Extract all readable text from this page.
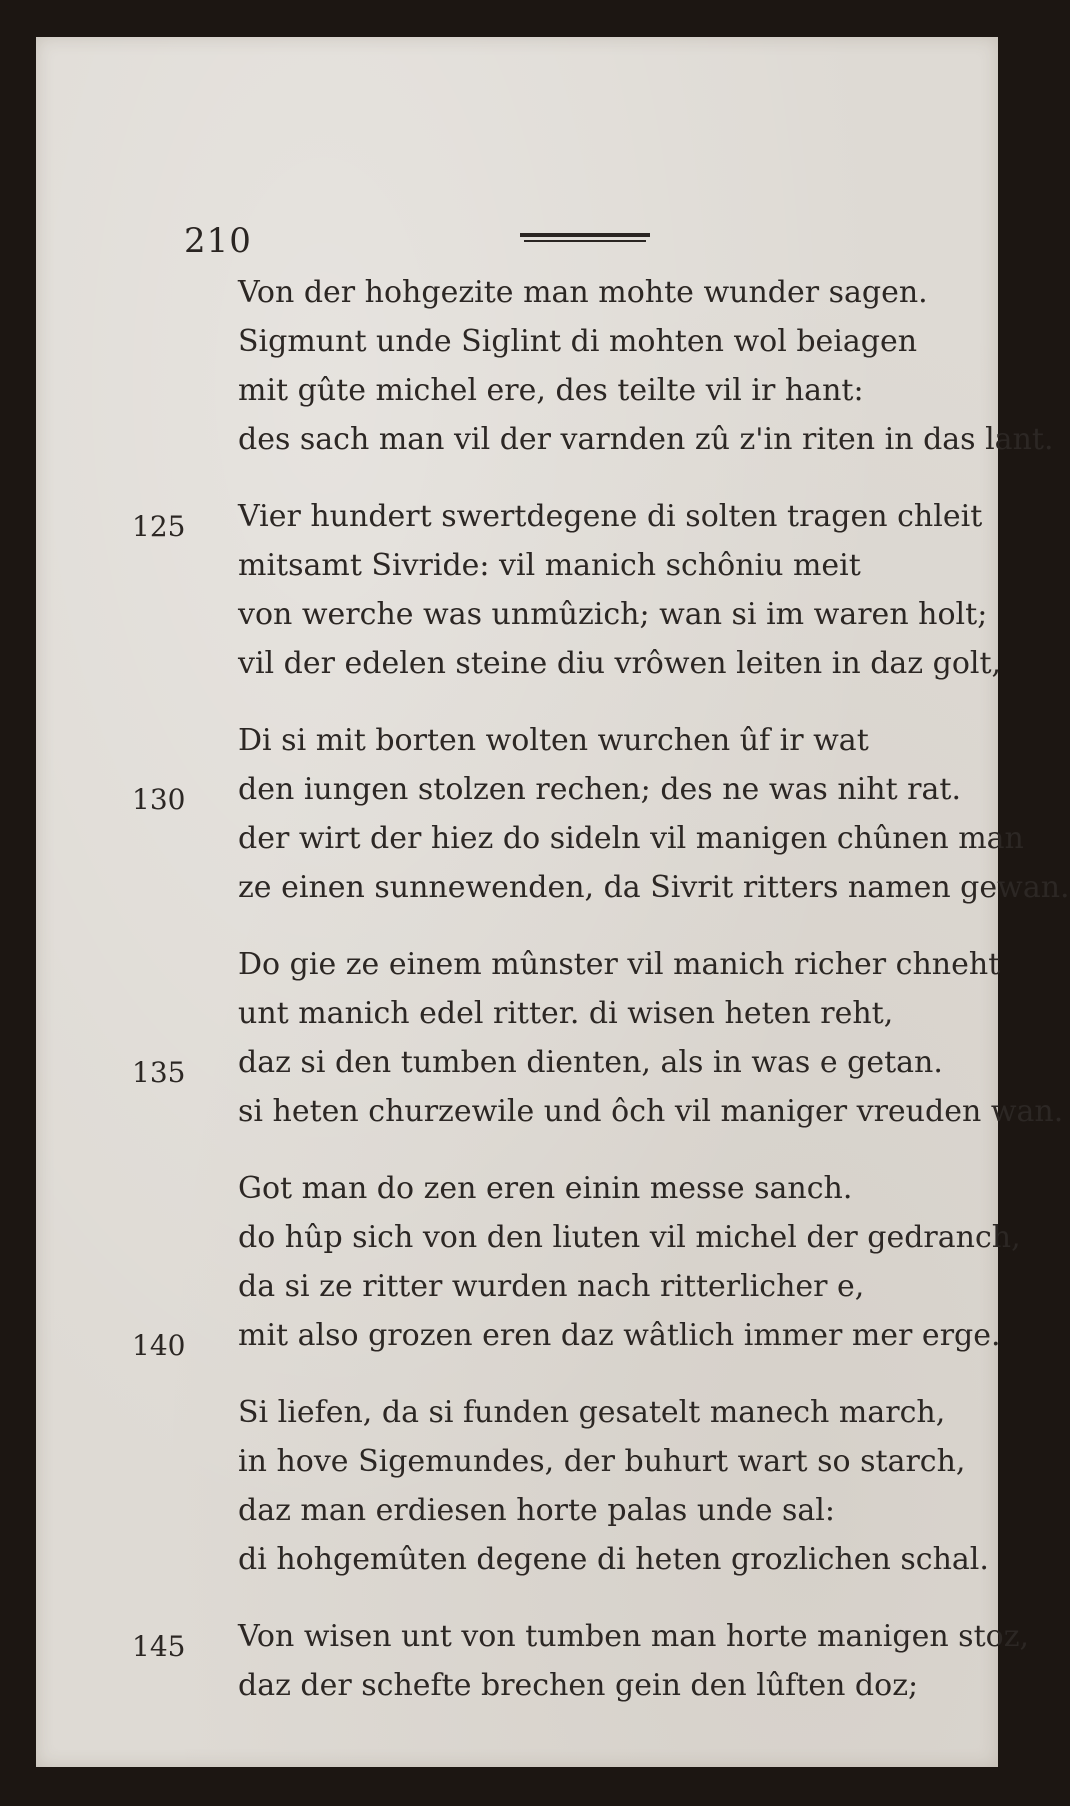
210
Von der hohgezite man mohte wunder sagen.
Sigmunt unde Siglint di mohten wol beiagen
mit gûte michel ere, des teilte vil ir hant:
des sach man vil der varnden zû z'in riten in das lant.
Vier hundert swertdegene di solten tragen chleit
mitsamt Sivride: vil manich schôniu meit
von werche was unmûzich; wan si im waren holt;
vil der edelen steine diu vrôwen leiten in daz golt,
Di si mit borten wolten wurchen ûf ir wat
den iungen stolzen rechen; des ne was niht rat.
der wirt der hiez do sideln vil manigen chûnen man
ze einen sunnewenden, da Sivrit ritters namen gewan.
Do gie ze einem mûnster vil manich richer chneht
unt manich edel ritter. di wisen heten reht,
daz si den tumben dienten, als in was e getan.
si heten churzewile und ôch vil maniger vreuden wan.
Got man do zen eren einin messe sanch.
do hûp sich von den liuten vil michel der gedranch,
da si ze ritter wurden nach ritterlicher e,
mit also grozen eren daz wâtlich immer mer erge.
Si liefen, da si funden gesatelt manech march,
in hove Sigemundes, der buhurt wart so starch,
daz man erdiesen horte palas unde sal:
di hohgemûten degene di heten grozlichen schal.
Von wisen unt von tumben man horte manigen stoz,
daz der schefte brechen gein den lûften doz;
125
130
135
140
145
